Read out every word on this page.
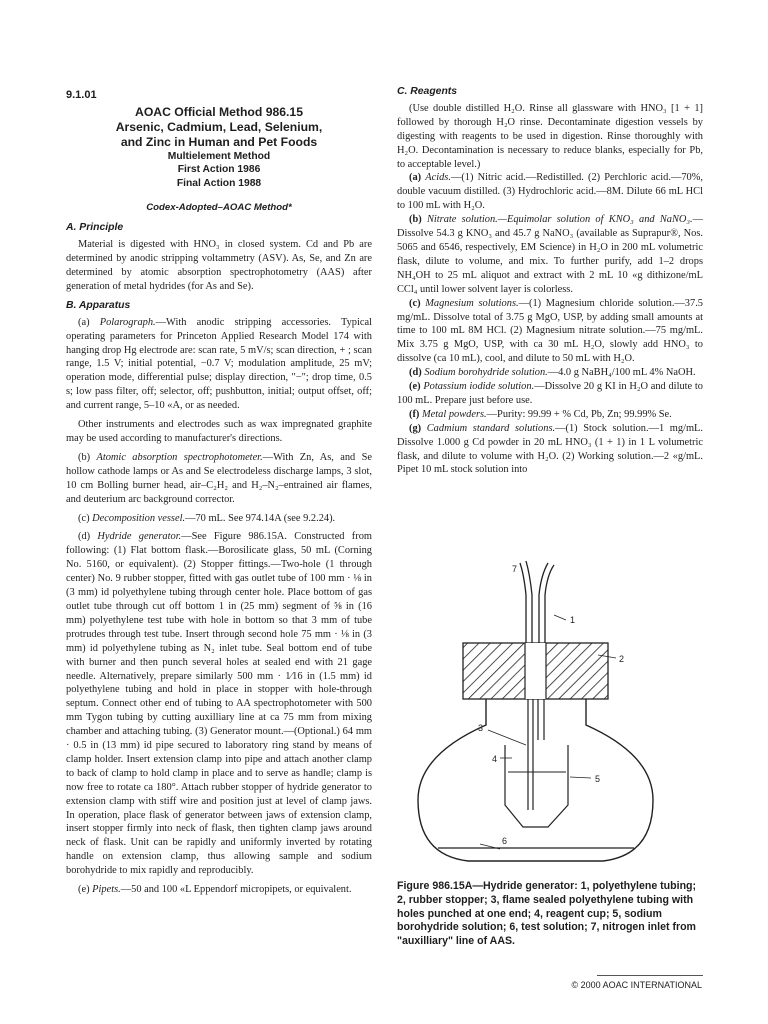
9.1.01
AOAC Official Method 986.15
Arsenic, Cadmium, Lead, Selenium,
and Zinc in Human and Pet Foods
Multielement Method
First Action 1986
Final Action 1988
Codex-Adopted–AOAC Method*
A. Principle

Material is digested with HNO₃ in closed system. Cd and Pb are determined by anodic stripping voltammetry (ASV). As, Se, and Zn are determined by atomic absorption spectrophotometry (AAS) after generation of metal hydrides (for As and Se).

B. Apparatus

(a) Polarograph.—With anodic stripping accessories. Typical operating parameters for Princeton Applied Research Model 174 with hanging drop Hg electrode are: scan rate, 5 mV/s; scan direction, + ; scan range, 1.5 V; initial potential, −0.7 V; modulation amplitude, 25 mV; operation mode, differential pulse; display direction, "−"; drop time, 0.5 s; low pass filter, off; selector, off; pushbutton, initial; output offset, off; and current range, 5–10 «A, or as needed.

Other instruments and electrodes such as wax impregnated graphite may be used according to manufacturer's directions.

(b) Atomic absorption spectrophotometer.—With Zn, As, and Se hollow cathode lamps or As and Se electrodeless discharge lamps, 3 slot, 10 cm Bolling burner head, air–C₂H₂ and H₂–N₂–entrained air flames, and deuterium arc background corrector.

(c) Decomposition vessel.—70 mL. See 974.14A (see 9.2.24).

(d) Hydride generator.—See Figure 986.15A. Constructed from following: (1) Flat bottom flask.—Borosilicate glass, 50 mL (Corning No. 5160, or equivalent). (2) Stopper fittings.—Two-hole (1 through center) No. 9 rubber stopper, fitted with gas outlet tube of 100 mm · ⅛ in (3 mm) id polyethylene tubing through center hole. Place bottom of gas outlet tube through cut off bottom 1 in (25 mm) segment of ⅝ in (16 mm) polyethylene test tube with hole in bottom so that 3 mm of tube protrudes through test tube. Insert through second hole 75 mm · ⅛ in (3 mm) id polyethylene tubing as N₂ inlet tube. Seal bottom end of tube with burner and then punch several holes at sealed end with 21 gage needle. Alternatively, prepare similarly 500 mm · 1⁄16 in (1.5 mm) id polyethylene tubing and hold in place in stopper with hole-through septum. Connect other end of tubing to AA spectrophotometer with 500 mm Tygon tubing by cutting auxilliary line at ca 75 mm from mixing chamber and attaching tubing. (3) Generator mount.—(Optional.) 64 mm · 0.5 in (13 mm) id pipe secured to laboratory ring stand by means of clamp holder. Insert extension clamp into pipe and attach another clamp to back of clamp to hold clamp in place and to serve as handle; clamp is now free to rotate ca 180°. Attach rubber stopper of hydride generator to extension clamp with stiff wire and position just at level of clamp jaws. In operation, place flask of generator between jaws of extension clamp, insert stopper firmly into neck of flask, then tighten clamp jaws around neck of flask. Unit can be rapidly and uniformly inverted by rotating handle on extension clamp, thus allowing sample and sodium borohydride to mix rapidly and reproducibly.

(e) Pipets.—50 and 100 «L Eppendorf micropipets, or equivalent.

C. Reagents

(Use double distilled H₂O. Rinse all glassware with HNO₃ [1 + 1] followed by thorough H₂O rinse. Decontaminate digestion vessels by digesting with reagents to be used in digestion. Rinse thoroughly with H₂O. Decontamination is necessary to reduce blanks, especially for Pb, to acceptable level.)

(a) Acids.—(1) Nitric acid.—Redistilled. (2) Perchloric acid.—70%, double vacuum distilled. (3) Hydrochloric acid.—8M. Dilute 66 mL HCl to 100 mL with H₂O.

(b) Nitrate solution.—Equimolar solution of KNO₃ and NaNO₃.—Dissolve 54.3 g KNO₃ and 45.7 g NaNO₃ (available as Suprapur®, Nos. 5065 and 6546, respectively, EM Science) in H₂O in 200 mL volumetric flask, dilute to volume, and mix. To further purify, add 1–2 drops NH₄OH to 25 mL aliquot and extract with 2 mL 10 «g dithizone/mL CCl₄ until lower solvent layer is colorless.

(c) Magnesium solutions.—(1) Magnesium chloride solution.—37.5 mg/mL. Dissolve total of 3.75 g MgO, USP, by adding small amounts at time to 100 mL 8M HCl. (2) Magnesium nitrate solution.—75 mg/mL. Mix 3.75 g MgO, USP, with ca 30 mL H₂O, slowly add HNO₃ to dissolve (ca 10 mL), cool, and dilute to 50 mL with H₂O.

(d) Sodium borohydride solution.—4.0 g NaBH₄/100 mL 4% NaOH.

(e) Potassium iodide solution.—Dissolve 20 g KI in H₂O and dilute to 100 mL. Prepare just before use.

(f) Metal powders.—Purity: 99.99 + % Cd, Pb, Zn; 99.99% Se.

(g) Cadmium standard solutions.—(1) Stock solution.—1 mg/mL. Dissolve 1.000 g Cd powder in 20 mL HNO₃ (1 + 1) in 1 L volumetric flask, and dilute to volume with H₂O. (2) Working solution.—2 «g/mL. Pipet 10 mL stock solution into

7
1
2
3
4
5
6
Figure 986.15A—Hydride generator: 1, polyethylene tubing; 2, rubber stopper; 3, flame sealed polyethylene tubing with holes punched at one end; 4, reagent cup; 5, sodium borohydride solution; 6, test solution; 7, nitrogen inlet from "auxilliary" line of AAS.
© 2000 AOAC INTERNATIONAL
